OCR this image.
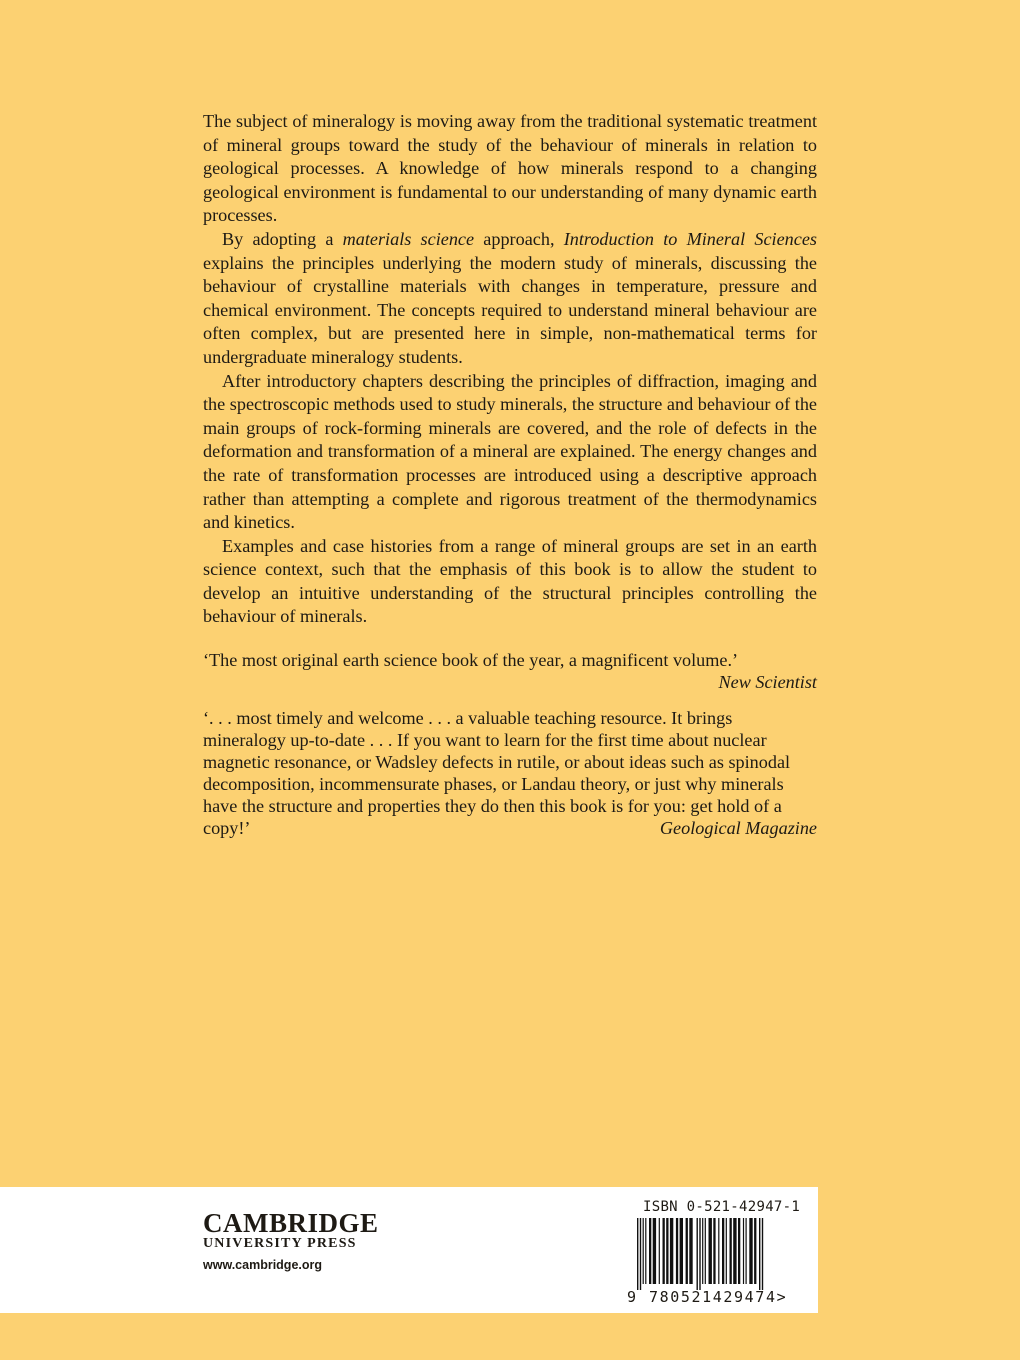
The subject of mineralogy is moving away from the traditional systematic treatment of mineral groups toward the study of the behaviour of minerals in relation to geological processes. A knowledge of how minerals respond to a changing geological environment is fundamental to our understanding of many dynamic earth processes.

By adopting a materials science approach, Introduction to Mineral Sciences explains the principles underlying the modern study of minerals, discussing the behaviour of crystalline materials with changes in temperature, pressure and chemical environment. The concepts required to understand mineral behaviour are often complex, but are presented here in simple, non-mathematical terms for undergraduate mineralogy students.

After introductory chapters describing the principles of diffraction, imaging and the spectroscopic methods used to study minerals, the structure and behaviour of the main groups of rock-forming minerals are covered, and the role of defects in the deformation and transformation of a mineral are explained. The energy changes and the rate of transformation processes are introduced using a descriptive approach rather than attempting a complete and rigorous treatment of the thermodynamics and kinetics.

Examples and case histories from a range of mineral groups are set in an earth science context, such that the emphasis of this book is to allow the student to develop an intuitive understanding of the structural principles controlling the behaviour of minerals.

‘The most original earth science book of the year, a magnificent volume.’
New Scientist
‘. . . most timely and welcome . . . a valuable teaching resource. It brings mineralogy up-to-date . . . If you want to learn for the first time about nuclear magnetic resonance, or Wadsley defects in rutile, or about ideas such as spinodal decomposition, incommensurate phases, or Landau theory, or just why minerals have the structure and properties they do then this book is for you: get hold of a copy!’	Geological Magazine
CAMBRIDGE
UNIVERSITY PRESS
www.cambridge.org
ISBN 0-521-42947-1
9 780521429474>
